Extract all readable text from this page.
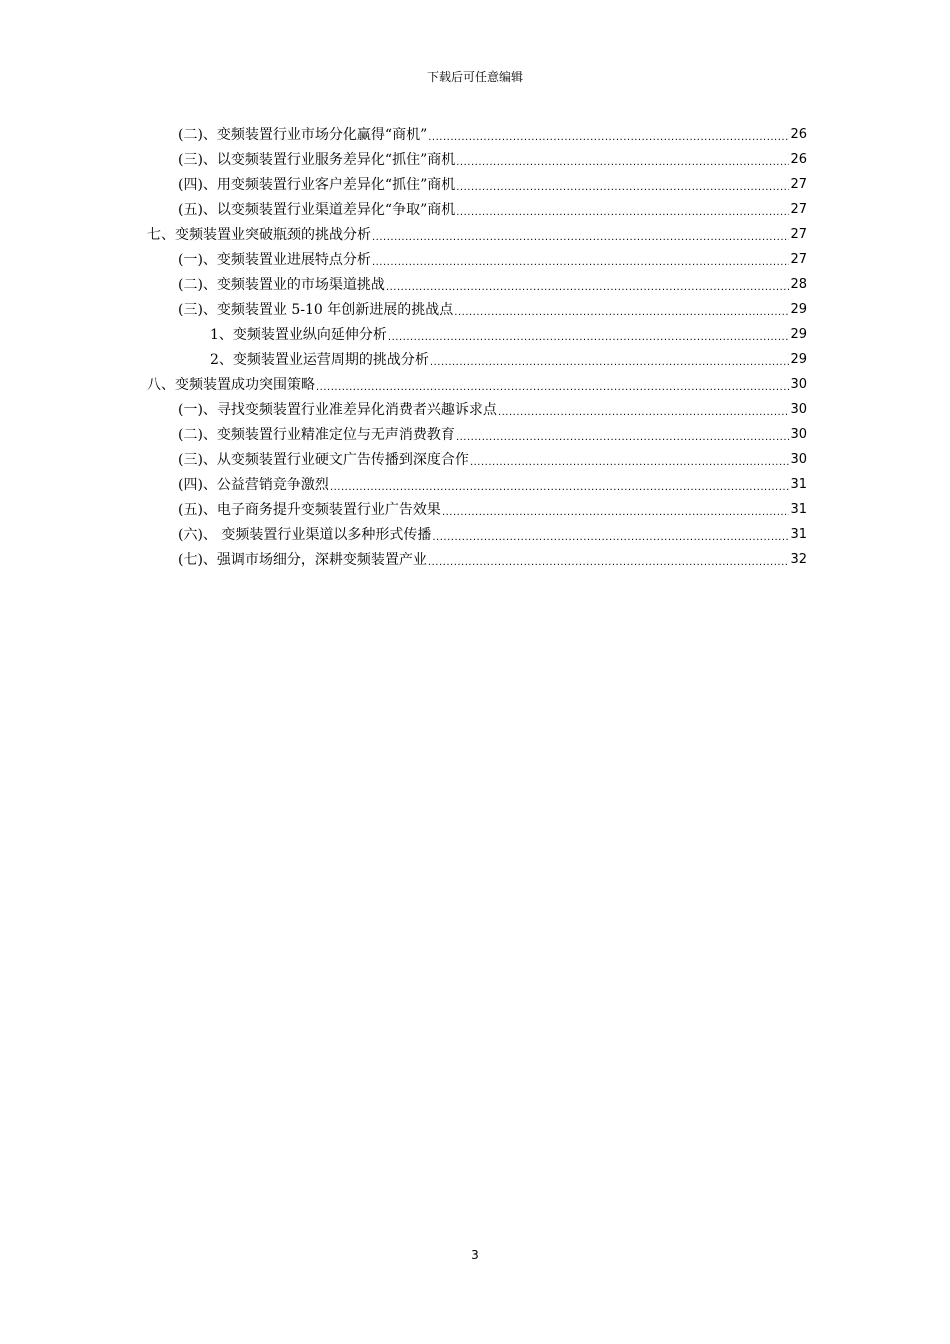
下载后可任意编辑
(二)、变频装置行业市场分化赢得“商机” .....	26
(三)、以变频装置行业服务差异化“抓住”商机 .....	26
(四)、用变频装置行业客户差异化“抓住”商机 .....	27
(五)、以变频装置行业渠道差异化“争取”商机 .....	27
七、变频装置业突破瓶颈的挑战分析 .....	27
(一)、变频装置业进展特点分析 .....	27
(二)、变频装置业的市场渠道挑战 .....	28
(三)、变频装置业 5-10 年创新进展的挑战点 .....	29
1、变频装置业纵向延伸分析 .....	29
2、变频装置业运营周期的挑战分析 .....	29
八、变频装置成功突围策略 .....	30
(一)、寻找变频装置行业准差异化消费者兴趣诉求点 .....	30
(二)、变频装置行业精准定位与无声消费教育 .....	30
(三)、从变频装置行业硬文广告传播到深度合作 .....	30
(四)、公益营销竞争激烈 .....	31
(五)、电子商务提升变频装置行业广告效果 .....	31
(六)、 变频装置行业渠道以多种形式传播 .....	31
(七)、强调市场细分，深耕变频装置产业 .....	32
3
